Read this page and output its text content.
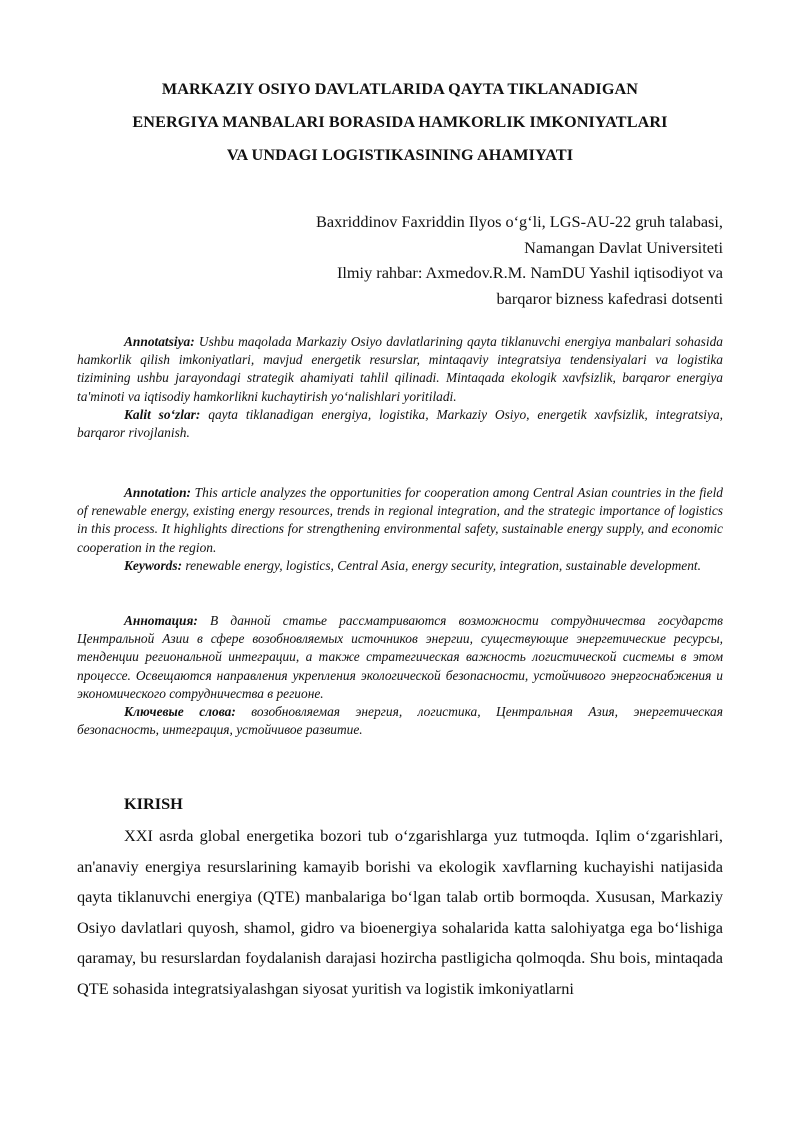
MARKAZIY OSIYO DAVLATLARIDA QAYTA TIKLANADIGAN
ENERGIYA MANBALARI BORASIDA HAMKORLIK IMKONIYATLARI
VA UNDAGI LOGISTIKASINING AHAMIYATI
Baxriddinov Faxriddin Ilyos o‘g‘li, LGS-AU-22 gruh talabasi,
Namangan Davlat Universiteti
Ilmiy rahbar: Axmedov.R.M. NamDU Yashil iqtisodiyot va
barqaror bizness kafedrasi dotsenti

Annotatsiya: Ushbu maqolada Markaziy Osiyo davlatlarining qayta tiklanuvchi energiya manbalari sohasida hamkorlik qilish imkoniyatlari, mavjud energetik resurslar, mintaqaviy integratsiya tendensiyalari va logistika tizimining ushbu jarayondagi strategik ahamiyati tahlil qilinadi. Mintaqada ekologik xavfsizlik, barqaror energiya ta'minoti va iqtisodiy hamkorlikni kuchaytirish yo‘nalishlari yoritiladi.

Kalit so‘zlar: qayta tiklanadigan energiya, logistika, Markaziy Osiyo, energetik xavfsizlik, integratsiya, barqaror rivojlanish.

Annotation: This article analyzes the opportunities for cooperation among Central Asian countries in the field of renewable energy, existing energy resources, trends in regional integration, and the strategic importance of logistics in this process. It highlights directions for strengthening environmental safety, sustainable energy supply, and economic cooperation in the region.

Keywords: renewable energy, logistics, Central Asia, energy security, integration, sustainable development.

Аннотация: В данной статье рассматриваются возможности сотрудничества государств Центральной Азии в сфере возобновляемых источников энергии, существующие энергетические ресурсы, тенденции региональной интеграции, а также стратегическая важность логистической системы в этом процессе. Освещаются направления укрепления экологической безопасности, устойчивого энергоснабжения и экономического сотрудничества в регионе.

Ключевые слова: возобновляемая энергия, логистика, Центральная Азия, энергетическая безопасность, интеграция, устойчивое развитие.

KIRISH

XXI asrda global energetika bozori tub o‘zgarishlarga yuz tutmoqda. Iqlim o‘zgarishlari, an'anaviy energiya resurslarining kamayib borishi va ekologik xavflarning kuchayishi natijasida qayta tiklanuvchi energiya (QTE) manbalariga bo‘lgan talab ortib bormoqda. Xususan, Markaziy Osiyo davlatlari quyosh, shamol, gidro va bioenergiya sohalarida katta salohiyatga ega bo‘lishiga qaramay, bu resurslardan foydalanish darajasi hozircha pastligicha qolmoqda. Shu bois, mintaqada QTE sohasida integratsiyalashgan siyosat yuritish va logistik imkoniyatlarni
